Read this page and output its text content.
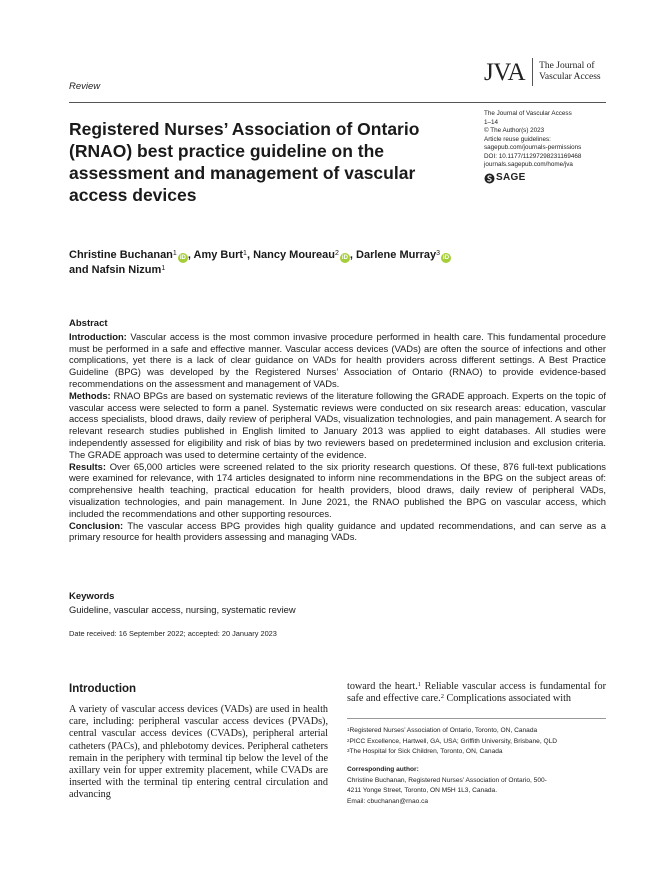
Review
JVA The Journal of
Vascular Access
The Journal of Vascular Access
1–14
© The Author(s) 2023
Article reuse guidelines:
sagepub.com/journals-permissions
DOI: 10.1177/11297298231169468
journals.sagepub.com/home/jva
SAGE
Registered Nurses’ Association of Ontario (RNAO) best practice guideline on the assessment and management of vascular access devices
Christine Buchanan$^1$iD , Amy Burt$^1$, Nancy Moureau$^2$iD , Darlene Murray$^3$iD
and Nafsin Nizum$^1$
Abstract

Introduction: Vascular access is the most common invasive procedure performed in health care. This fundamental procedure must be performed in a safe and effective manner. Vascular access devices (VADs) are often the source of infections and other complications, yet there is a lack of clear guidance on VADs for health providers across different settings. A Best Practice Guideline (BPG) was developed by the Registered Nurses’ Association of Ontario (RNAO) to provide evidence-based recommendations on the assessment and management of VADs.

Methods: RNAO BPGs are based on systematic reviews of the literature following the GRADE approach. Experts on the topic of vascular access were selected to form a panel. Systematic reviews were conducted on six research areas: education, vascular access specialists, blood draws, daily review of peripheral VADs, visualization technologies, and pain management. A search for relevant research studies published in English limited to January 2013 was applied to eight databases. All studies were independently assessed for eligibility and risk of bias by two reviewers based on predetermined inclusion and exclusion criteria. The GRADE approach was used to determine certainty of the evidence.

Results: Over 65,000 articles were screened related to the six priority research questions. Of these, 876 full-text publications were examined for relevance, with 174 articles designated to inform nine recommendations in the BPG on the subject areas of: comprehensive health teaching, practical education for health providers, blood draws, daily review of peripheral VADs, visualization technologies, and pain management. In June 2021, the RNAO published the BPG on vascular access, which included the recommendations and other supporting resources.

Conclusion: The vascular access BPG provides high quality guidance and updated recommendations, and can serve as a primary resource for health providers assessing and managing VADs.

Keywords
Guideline, vascular access, nursing, systematic review
Date received: 16 September 2022; accepted: 20 January 2023
Introduction
A variety of vascular access devices (VADs) are used in health care, including: peripheral vascular access devices (PVADs), central vascular access devices (CVADs), peripheral arterial catheters (PACs), and phlebotomy devices. Peripheral catheters remain in the periphery with terminal tip below the level of the axillary vein for upper extremity placement, while CVADs are inserted with the terminal tip entering central circulation and advancing
toward the heart.$^1$ Reliable vascular access is fundamental for safe and effective care.$^2$ Complications associated with
$^1$Registered Nurses’ Association of Ontario, Toronto, ON, Canada
$^2$PICC Excellence, Hartwell, GA, USA; Griffith University, Brisbane, QLD
$^3$The Hospital for Sick Children, Toronto, ON, Canada
Corresponding author:
Christine Buchanan, Registered Nurses’ Association of Ontario, 500-
4211 Yonge Street, Toronto, ON M5H 1L3, Canada.
Email: cbuchanan@rnao.ca
